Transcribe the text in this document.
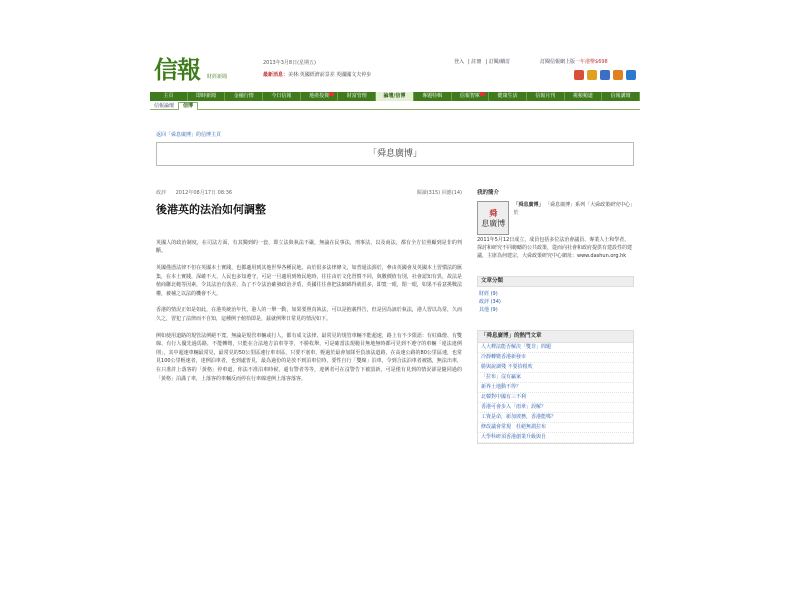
信報 財經新聞
2013年3月8日(星期五)
最新消息：美林:英國經濟前景差 英國國文夫停步
登入 | 註冊 | 訂閱/續訂	訂閱信報網上版一年港幣$698
主頁	即時新聞	金融行情	今日信報	地產投資	財富管理	論壇/信博	專題特輯	信報智庫	健康生活	信報月刊	視頻頻道	信報講壇
信報論壇 信博
返回「舜息廣博」的信博主頁
「舜息廣博」
政評 2012年08月17日 08:36	閱讀(315) 回應(14)
後港英的法治如何調整

英國人的政治制度，在司法方面，有其獨到的一套，即立法與執法不嚴，無論在民事法，刑事法，以及商法，都有全方位照顧到是非的判斷。

英國僅憑法律不但在英國本土實踐，也都適用到其他世界各種民地，由於很多法律條文，如普通法源於，參由英國會及英國本土習慣法的匯集，在本土實踐，深確不大，人民也多知遵守，可是一旦適用到殖民地時，往往由於文化習慣不同，與數價值有別，社會認知有異，故法是植商聯北範等因素，令其法治有落差，為了不令法治確發政治矛盾，英國往往會把法網綿得就很多，即寬一眼，閉一眼，如果不看意挑戰法權，被補之以法的機會不大。

香港的情況正如是如此，在港英統治年代，港人的一舉一動，如果要照真執法，可以是抱羲得告，但是因為該於執法，港人習以為常，久而久之，習犯了法律而不自知，這種例子俯拾即是，茲就例舉日常見的情況如下。

例如使用道路的規管法例絕不寬，無論是規管車輛或行人，都有成文法律，最常見的規管車輛不能超速，路上有不少限語：有紅綠燈、有雙線、有行人優先過馬路，不能轉彎，只能在合法地方泊車等等，不勝枚舉，可是確當法規範目無地無時都可見到不遵守的車輛「違法違例則」，其中超速車輛最常見，最常見的50公里區速行車市區，只要不塞車，輕過於最會加隊至負該法道路，在高速公路的80公里區速，也常見100公里輕速者，達例泊車者，也到處皆見，最為過份的是放不到泊車位時，要性自行「雙線」泊車，令到合法泊車者被擋，無法出車，在只准許上落客的「黃格」停車道，你法不准泊車時候，還有警者等等，違例者可在沒警告下被罰新，可是僅有見到的情況卻是隨同過的「黃格」泊滿了車，上落客的車輛反而停在行車線達例上落客落客。

我的簡介
舜
息廣博
「舜息廣博」 「舜息廣博」系列「大舜政策研究中心」於
2011年5月12日成立，成員包括多位法治會議員、專業人士和學者，探討和研究不同範疇的公共政策，從而向社會和政府提供有建設性的建議，主席為何建宗，大舜政策研究中心網址：www.dashun.org.hk
文章分類
財經 (9)
政評 (34)
其他 (9)
「舜息廣博」的熱門文章
人大釋法能否解決「雙非」問題
冷靜轉變香港新發市
勝與說調殘 不要拾根吹
「拉布」沒有贏家
新界土地動不得？
北韓對中國有三不利
香港可會步入「雨傘」誤解？
工資是命，新加坡務，香港能嗎？
修改議會常規　杜絕無謂拉布
大學科研須香港創業升級與自
